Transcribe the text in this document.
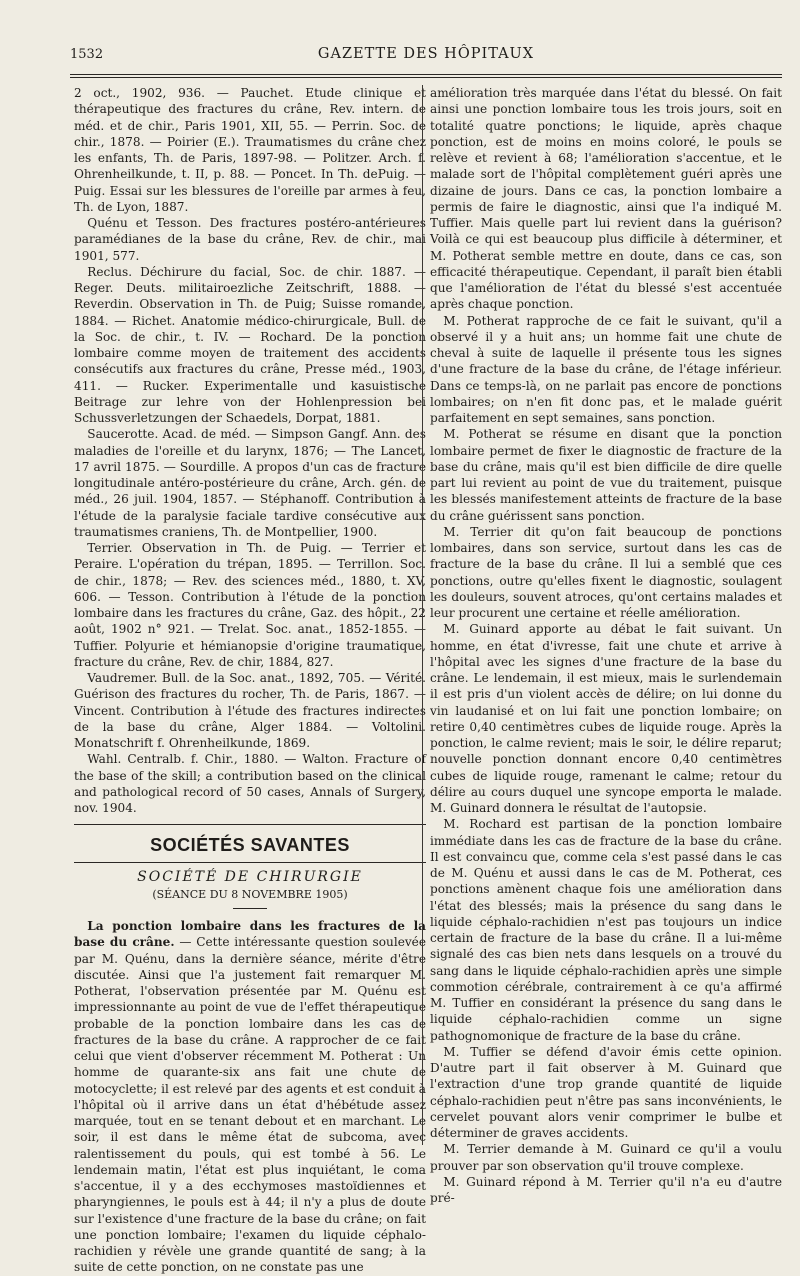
1532	GAZETTE DES HÔPITAUX

2 oct., 1902, 936. — Pauchet. Etude clinique et thérapeutique des fractures du crâne, Rev. intern. de méd. et de chir., Paris 1901, XII, 55. — Perrin. Soc. de chir., 1878. — Poirier (E.). Traumatismes du crâne chez les enfants, Th. de Paris, 1897-98. — Politzer. Arch. f. Ohrenheilkunde, t. II, p. 88. — Poncet. In Th. dePuig. — Puig. Essai sur les blessures de l'oreille par armes à feu, Th. de Lyon, 1887.

Quénu et Tesson. Des fractures postéro-antérieures paramédianes de la base du crâne, Rev. de chir., mai 1901, 577.

Reclus. Déchirure du facial, Soc. de chir. 1887. — Reger. Deuts. militairoezliche Zeitschrift, 1888. — Reverdin. Observation in Th. de Puig; Suisse romande, 1884. — Richet. Anatomie médico-chirurgicale, Bull. de la Soc. de chir., t. IV. — Rochard. De la ponction lombaire comme moyen de traitement des accidents consécutifs aux fractures du crâne, Presse méd., 1903, 411. — Rucker. Experimentalle und kasuistische Beitrage zur lehre von der Hohlenpression bei Schussverletzungen der Schaedels, Dorpat, 1881.

Saucerotte. Acad. de méd. — Simpson Gangf. Ann. des maladies de l'oreille et du larynx, 1876; — The Lancet, 17 avril 1875. — Sourdille. A propos d'un cas de fracture longitudinale antéro-postérieure du crâne, Arch. gén. de méd., 26 juil. 1904, 1857. — Stéphanoff. Contribution à l'étude de la paralysie faciale tardive consécutive aux traumatismes craniens, Th. de Montpellier, 1900.

Terrier. Observation in Th. de Puig. — Terrier et Peraire. L'opération du trépan, 1895. — Terrillon. Soc. de chir., 1878; — Rev. des sciences méd., 1880, t. XV, 606. — Tesson. Contribution à l'étude de la ponction lombaire dans les fractures du crâne, Gaz. des hôpit., 22 août, 1902 n° 921. — Trelat. Soc. anat., 1852-1855. — Tuffier. Polyurie et hémianopsie d'origine traumatique, fracture du crâne, Rev. de chir, 1884, 827.

Vaudremer. Bull. de la Soc. anat., 1892, 705. — Vérité. Guérison des fractures du rocher, Th. de Paris, 1867. — Vincent. Contribution à l'étude des fractures indirectes de la base du crâne, Alger 1884. — Voltolini. Monatschrift f. Ohrenheilkunde, 1869.

Wahl. Centralb. f. Chir., 1880. — Walton. Fracture of the base of the skill; a contribution based on the clinical and pathological record of 50 cases, Annals of Surgery, nov. 1904.

SOCIÉTÉS SAVANTES
SOCIÉTÉ DE CHIRURGIE
(SÉANCE DU 8 NOVEMBRE 1905)

La ponction lombaire dans les fractures de la base du crâne. — Cette intéressante question soulevée par M. Quénu, dans la dernière séance, mérite d'être discutée. Ainsi que l'a justement fait remarquer M. Potherat, l'observation présentée par M. Quénu est impressionnante au point de vue de l'effet thérapeutique probable de la ponction lombaire dans les cas de fractures de la base du crâne. A rapprocher de ce fait celui que vient d'observer récemment M. Potherat : Un homme de quarante-six ans fait une chute de motocyclette; il est relevé par des agents et est conduit à l'hôpital où il arrive dans un état d'hébétude assez marquée, tout en se tenant debout et en marchant. Le soir, il est dans le même état de subcoma, avec ralentissement du pouls, qui est tombé à 56. Le lendemain matin, l'état est plus inquiétant, le coma s'accentue, il y a des ecchymoses mastoïdiennes et pharyngiennes, le pouls est à 44; il n'y a plus de doute sur l'existence d'une fracture de la base du crâne; on fait une ponction lombaire; l'examen du liquide céphalo-rachidien y révèle une grande quantité de sang; à la suite de cette ponction, on ne constate pas une

amélioration très marquée dans l'état du blessé. On fait ainsi une ponction lombaire tous les trois jours, soit en totalité quatre ponctions; le liquide, après chaque ponction, est de moins en moins coloré, le pouls se relève et revient à 68; l'amélioration s'accentue, et le malade sort de l'hôpital complètement guéri après une dizaine de jours. Dans ce cas, la ponction lombaire a permis de faire le diagnostic, ainsi que l'a indiqué M. Tuffier. Mais quelle part lui revient dans la guérison? Voilà ce qui est beaucoup plus difficile à déterminer, et M. Potherat semble mettre en doute, dans ce cas, son efficacité thérapeutique. Cependant, il paraît bien établi que l'amélioration de l'état du blessé s'est accentuée après chaque ponction.

M. Potherat rapproche de ce fait le suivant, qu'il a observé il y a huit ans; un homme fait une chute de cheval à suite de laquelle il présente tous les signes d'une fracture de la base du crâne, de l'étage inférieur. Dans ce temps-là, on ne parlait pas encore de ponctions lombaires; on n'en fit donc pas, et le malade guérit parfaitement en sept semaines, sans ponction.

M. Potherat se résume en disant que la ponction lombaire permet de fixer le diagnostic de fracture de la base du crâne, mais qu'il est bien difficile de dire quelle part lui revient au point de vue du traitement, puisque les blessés manifestement atteints de fracture de la base du crâne guérissent sans ponction.

M. Terrier dit qu'on fait beaucoup de ponctions lombaires, dans son service, surtout dans les cas de fracture de la base du crâne. Il lui a semblé que ces ponctions, outre qu'elles fixent le diagnostic, soulagent les douleurs, souvent atroces, qu'ont certains malades et leur procurent une certaine et réelle amélioration.

M. Guinard apporte au débat le fait suivant. Un homme, en état d'ivresse, fait une chute et arrive à l'hôpital avec les signes d'une fracture de la base du crâne. Le lendemain, il est mieux, mais le surlendemain il est pris d'un violent accès de délire; on lui donne du vin laudanisé et on lui fait une ponction lombaire; on retire 0,40 centimètres cubes de liquide rouge. Après la ponction, le calme revient; mais le soir, le délire reparut; nouvelle ponction donnant encore 0,40 centimètres cubes de liquide rouge, ramenant le calme; retour du délire au cours duquel une syncope emporta le malade. M. Guinard donnera le résultat de l'autopsie.

M. Rochard est partisan de la ponction lombaire immédiate dans les cas de fracture de la base du crâne. Il est convaincu que, comme cela s'est passé dans le cas de M. Quénu et aussi dans le cas de M. Potherat, ces ponctions amènent chaque fois une amélioration dans l'état des blessés; mais la présence du sang dans le liquide céphalo-rachidien n'est pas toujours un indice certain de fracture de la base du crâne. Il a lui-même signalé des cas bien nets dans lesquels on a trouvé du sang dans le liquide céphalo-rachidien après une simple commotion cérébrale, contrairement à ce qu'a affirmé M. Tuffier en considérant la présence du sang dans le liquide céphalo-rachidien comme un signe pathognomonique de fracture de la base du crâne.

M. Tuffier se défend d'avoir émis cette opinion. D'autre part il fait observer à M. Guinard que l'extraction d'une trop grande quantité de liquide céphalo-rachidien peut n'être pas sans inconvénients, le cervelet pouvant alors venir comprimer le bulbe et déterminer de graves accidents.

M. Terrier demande à M. Guinard ce qu'il a voulu prouver par son observation qu'il trouve complexe.

M. Guinard répond à M. Terrier qu'il n'a eu d'autre pré-
